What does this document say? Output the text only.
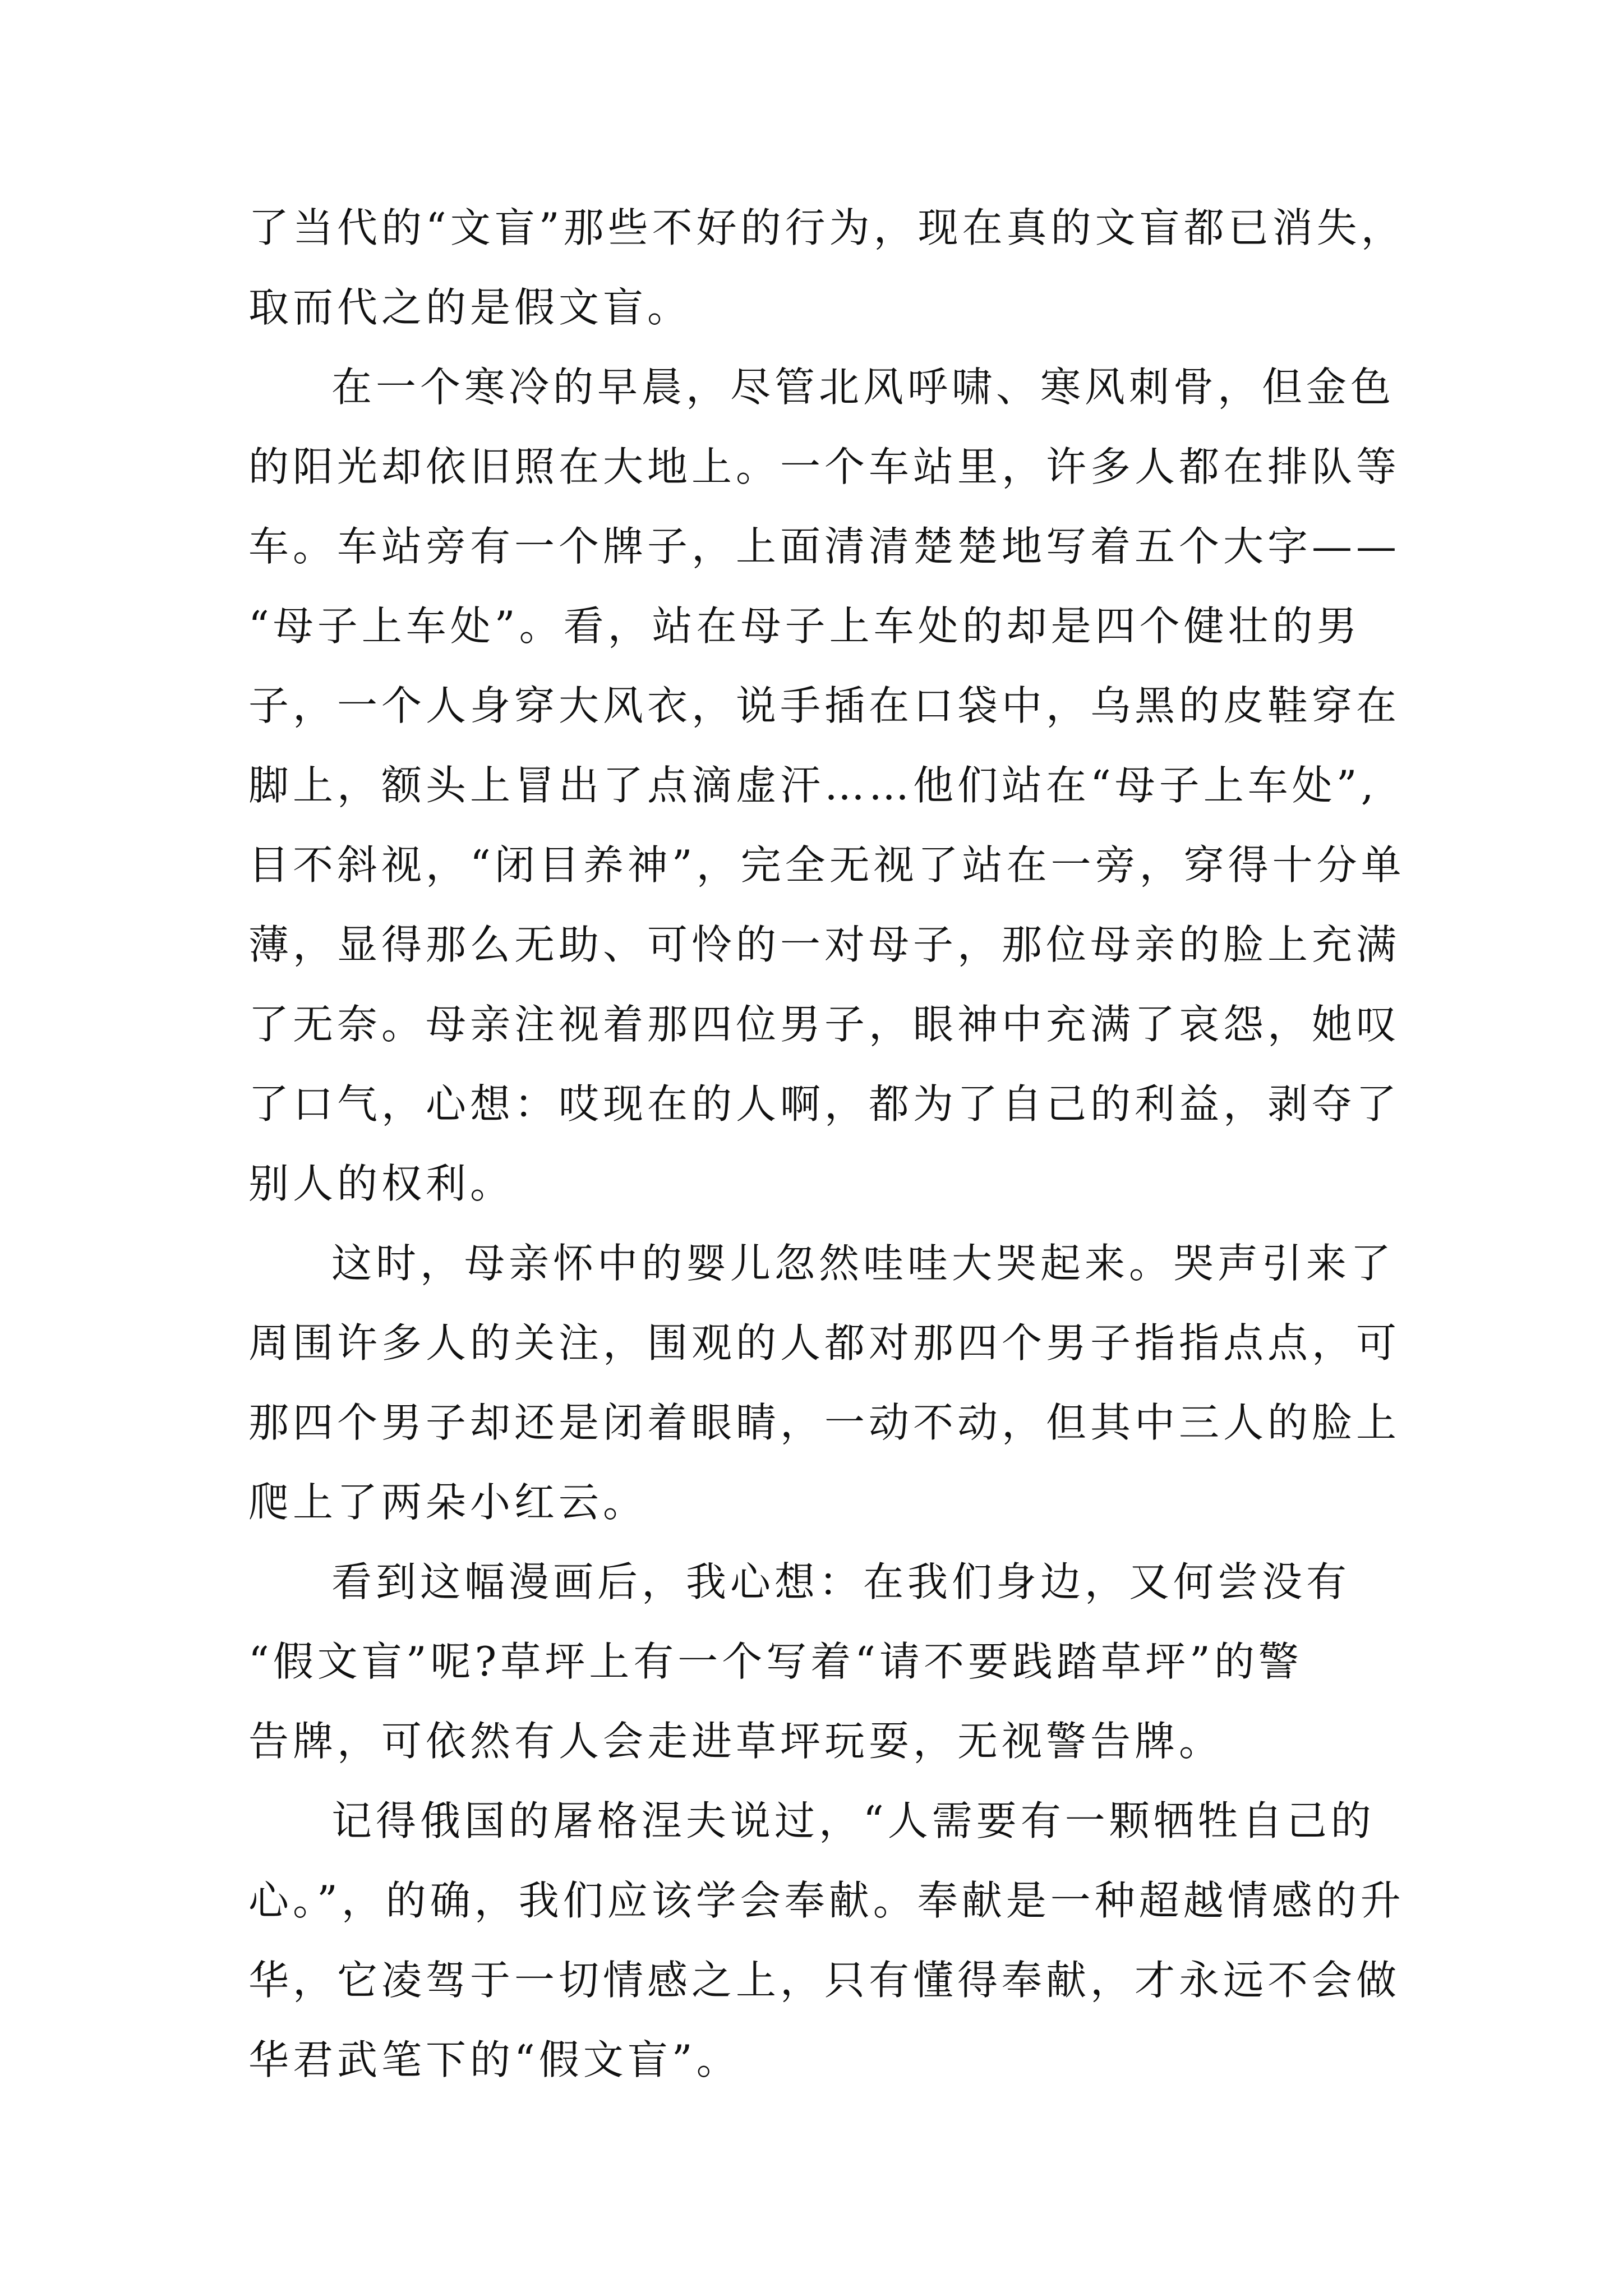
了当代的“文盲”那些不好的行为，现在真的文盲都已消失，
取而代之的是假文盲。
在一个寒冷的早晨，尽管北风呼啸、寒风刺骨，但金色
的阳光却依旧照在大地上。一个车站里，许多人都在排队等
车。车站旁有一个牌子，上面清清楚楚地写着五个大字——
“母子上车处”。看，站在母子上车处的却是四个健壮的男
子，一个人身穿大风衣，说手插在口袋中，乌黑的皮鞋穿在
脚上，额头上冒出了点滴虚汗……他们站在“母子上车处”,
目不斜视，“闭目养神”，完全无视了站在一旁，穿得十分单
薄，显得那么无助、可怜的一对母子，那位母亲的脸上充满
了无奈。母亲注视着那四位男子，眼神中充满了哀怨，她叹
了口气，心想：哎现在的人啊，都为了自己的利益，剥夺了
别人的权利。
这时，母亲怀中的婴儿忽然哇哇大哭起来。哭声引来了
周围许多人的关注，围观的人都对那四个男子指指点点，可
那四个男子却还是闭着眼睛，一动不动，但其中三人的脸上
爬上了两朵小红云。
看到这幅漫画后，我心想：在我们身边，又何尝没有
“假文盲”呢?草坪上有一个写着“请不要践踏草坪”的警
告牌，可依然有人会走进草坪玩耍，无视警告牌。
记得俄国的屠格涅夫说过，“人需要有一颗牺牲自己的
心。”，的确，我们应该学会奉献。奉献是一种超越情感的升
华，它凌驾于一切情感之上，只有懂得奉献，才永远不会做
华君武笔下的“假文盲”。
